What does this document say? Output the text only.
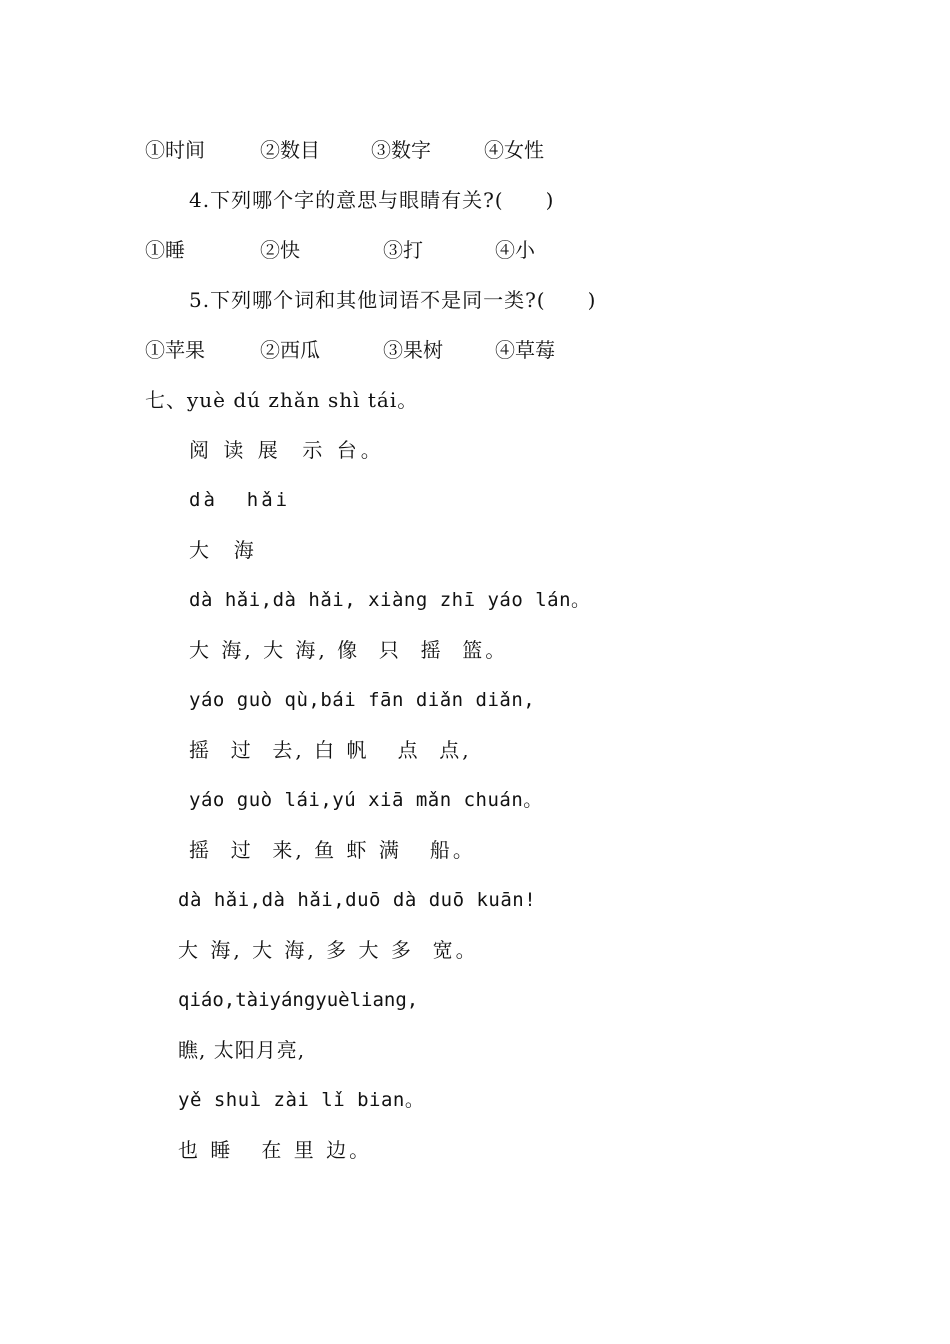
①时间	②数目	③数字	④女性
4.下列哪个字的意思与眼睛有关?(　　)
①睡	②快	③打	④小
5.下列哪个词和其他词语不是同一类?(　　)
①苹果	②西瓜	③果树	④草莓
七、yuè dú zhǎn shì tái。
阅 读 展  示 台。
dà  hǎi
大  海
dà hǎi,dà hǎi, xiàng zhī yáo lán。
大 海, 大 海, 像  只  摇  篮。
yáo guò qù,bái fān diǎn diǎn,
摇  过  去, 白 帆   点  点,
yáo guò lái,yú xiā mǎn chuán。
摇  过  来, 鱼 虾 满   船。
dà hǎi,dà hǎi,duō dà duō kuān!
大 海, 大 海, 多 大 多  宽。
qiáo,tàiyángyuèliang,
瞧, 太阳月亮,
yě shuì zài lǐ bian。
也 睡   在 里 边。
